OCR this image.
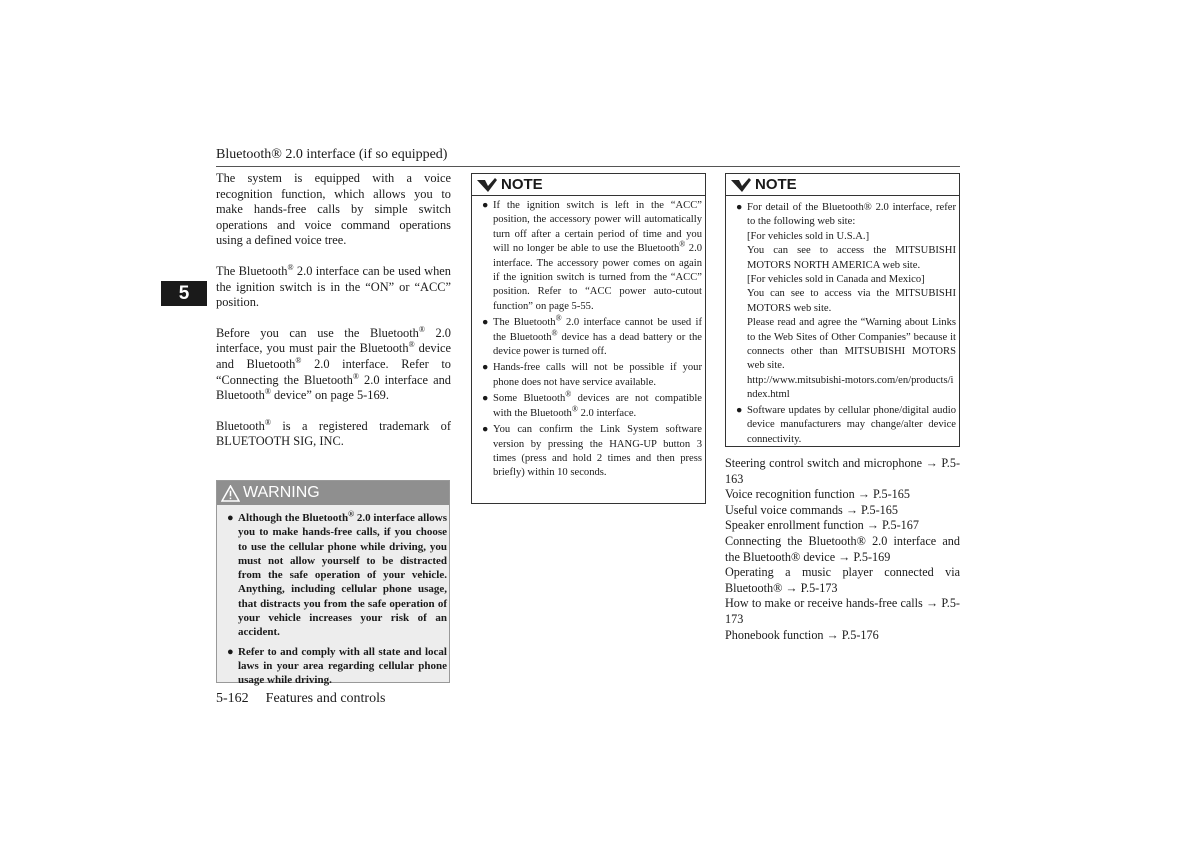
Bluetooth® 2.0 interface (if so equipped)
5

The system is equipped with a voice recognition function, which allows you to make hands-free calls by simple switch operations and voice command operations using a defined voice tree.

The Bluetooth® 2.0 interface can be used when the ignition switch is in the “ON” or “ACC” position.

Before you can use the Bluetooth® 2.0 interface, you must pair the Bluetooth® device and Bluetooth® 2.0 interface. Refer to “Connecting the Bluetooth® 2.0 interface and Bluetooth® device” on page 5-169.

Bluetooth® is a registered trademark of BLUETOOTH SIG, INC.

WARNING
● Although the Bluetooth® 2.0 interface allows you to make hands-free calls, if you choose to use the cellular phone while driving, you must not allow yourself to be distracted from the safe operation of your vehicle. Anything, including cellular phone usage, that distracts you from the safe operation of your vehicle increases your risk of an accident.
● Refer to and comply with all state and local laws in your area regarding cellular phone usage while driving.
NOTE
● If the ignition switch is left in the “ACC” position, the accessory power will automatically turn off after a certain period of time and you will no longer be able to use the Bluetooth® 2.0 interface. The accessory power comes on again if the ignition switch is turned from the “ACC” position. Refer to “ACC power auto-cutout function” on page 5-55.
● The Bluetooth® 2.0 interface cannot be used if the Bluetooth® device has a dead battery or the device power is turned off.
● Hands-free calls will not be possible if your phone does not have service available.
● Some Bluetooth® devices are not compatible with the Bluetooth® 2.0 interface.
● You can confirm the Link System software version by pressing the HANG-UP button 3 times (press and hold 2 times and then press briefly) within 10 seconds.
NOTE
● For detail of the Bluetooth® 2.0 interface, refer to the following web site:
[For vehicles sold in U.S.A.]
You can see to access the MITSUBISHI MOTORS NORTH AMERICA web site.
[For vehicles sold in Canada and Mexico]
You can see to access via the MITSUBISHI MOTORS web site.
Please read and agree the “Warning about Links to the Web Sites of Other Companies” because it connects other than MITSUBISHI MOTORS web site.
http://www.mitsubishi-motors.com/en/products/index.html
● Software updates by cellular phone/digital audio device manufacturers may change/alter device connectivity.
Steering control switch and microphone → P.5-163
Voice recognition function → P.5-165
Useful voice commands → P.5-165
Speaker enrollment function → P.5-167
Connecting the Bluetooth® 2.0 interface and the Bluetooth® device → P.5-169
Operating a music player connected via Bluetooth® → P.5-173
How to make or receive hands-free calls → P.5-173
Phonebook function → P.5-176
5-162 Features and controls
